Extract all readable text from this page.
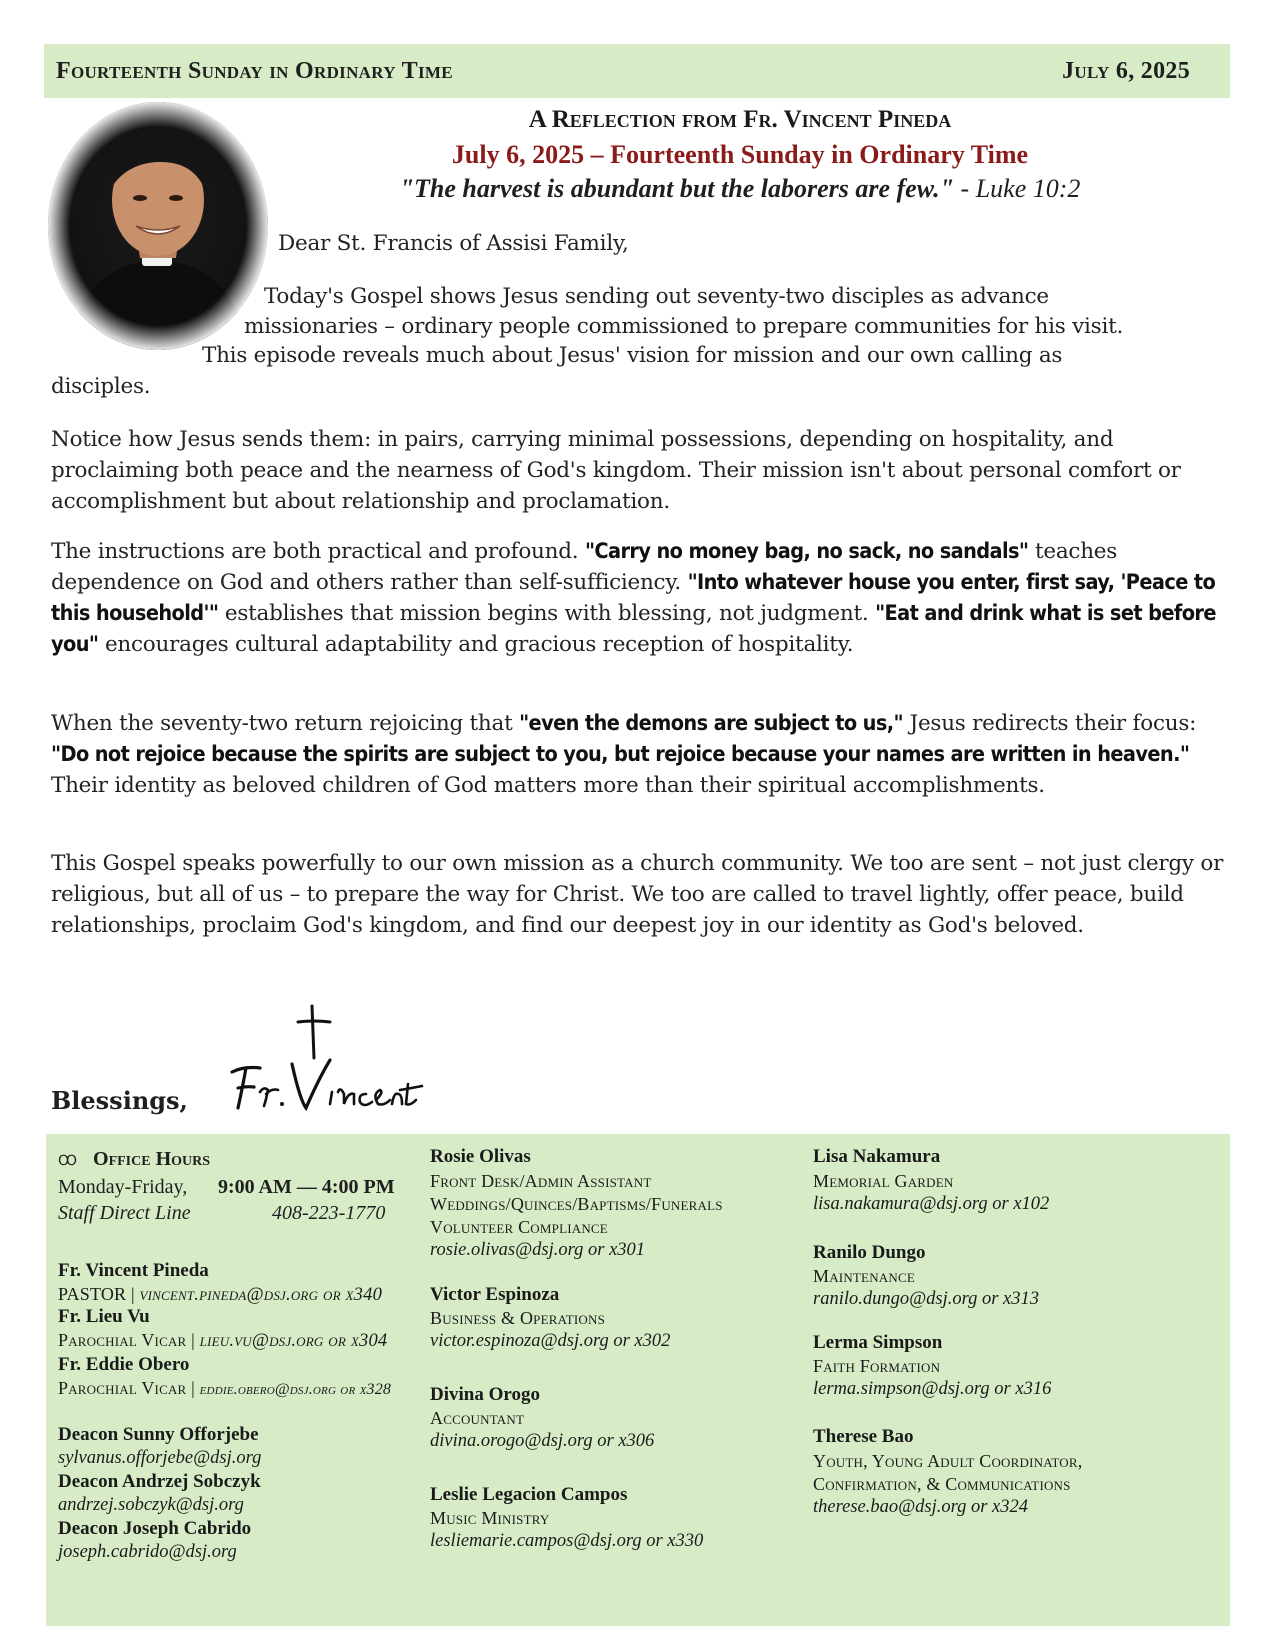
Fourteenth Sunday in Ordinary Time	July 6, 2025
A Reflection from Fr. Vincent Pineda
July 6, 2025 – Fourteenth Sunday in Ordinary Time
"The harvest is abundant but the laborers are few." - Luke 10:2
Dear St. Francis of Assisi Family,
Today's Gospel shows Jesus sending out seventy-two disciples as advance
missionaries – ordinary people commissioned to prepare communities for his visit.
This episode reveals much about Jesus' vision for mission and our own calling as
disciples.
Notice how Jesus sends them: in pairs, carrying minimal possessions, depending on hospitality, and proclaiming both peace and the nearness of God's kingdom. Their mission isn't about personal comfort or accomplishment but about relationship and proclamation.
The instructions are both practical and profound. "Carry no money bag, no sack, no sandals" teaches dependence on God and others rather than self-sufficiency. "Into whatever house you enter, first say, 'Peace to this household'" establishes that mission begins with blessing, not judgment. "Eat and drink what is set before you" encourages cultural adaptability and gracious reception of hospitality.
When the seventy-two return rejoicing that "even the demons are subject to us," Jesus redirects their focus: "Do not rejoice because the spirits are subject to you, but rejoice because your names are written in heaven." Their identity as beloved children of God matters more than their spiritual accomplishments.
This Gospel speaks powerfully to our own mission as a church community. We too are sent – not just clergy or religious, but all of us – to prepare the way for Christ. We too are called to travel lightly, offer peace, build relationships, proclaim God's kingdom, and find our deepest joy in our identity as God's beloved.
Blessings,
Fr. Vincent
ꝏ Office Hours
Monday-Friday, 9:00 AM — 4:00 PM
Staff Direct Line	408-223-1770
Fr. Vincent Pineda
PASTOR | vincent.pineda@dsj.org or x340
Fr. Lieu Vu
Parochial Vicar | lieu.vu@dsj.org or x304
Fr. Eddie Obero
Parochial Vicar | eddie.obero@dsj.org or x328
Deacon Sunny Offorjebe
sylvanus.offorjebe@dsj.org
Deacon Andrzej Sobczyk
andrzej.sobczyk@dsj.org
Deacon Joseph Cabrido
joseph.cabrido@dsj.org
Rosie Olivas
Front Desk/Admin Assistant
Weddings/Quinces/Baptisms/Funerals
Volunteer Compliance
rosie.olivas@dsj.org or x301
Victor Espinoza
Business & Operations
victor.espinoza@dsj.org or x302
Divina Orogo
Accountant
divina.orogo@dsj.org or x306
Leslie Legacion Campos
Music Ministry
lesliemarie.campos@dsj.org or x330
Lisa Nakamura
Memorial Garden
lisa.nakamura@dsj.org or x102
Ranilo Dungo
Maintenance
ranilo.dungo@dsj.org or x313
Lerma Simpson
Faith Formation
lerma.simpson@dsj.org or x316
Therese Bao
Youth, Young Adult Coordinator,
Confirmation, & Communications
therese.bao@dsj.org or x324
